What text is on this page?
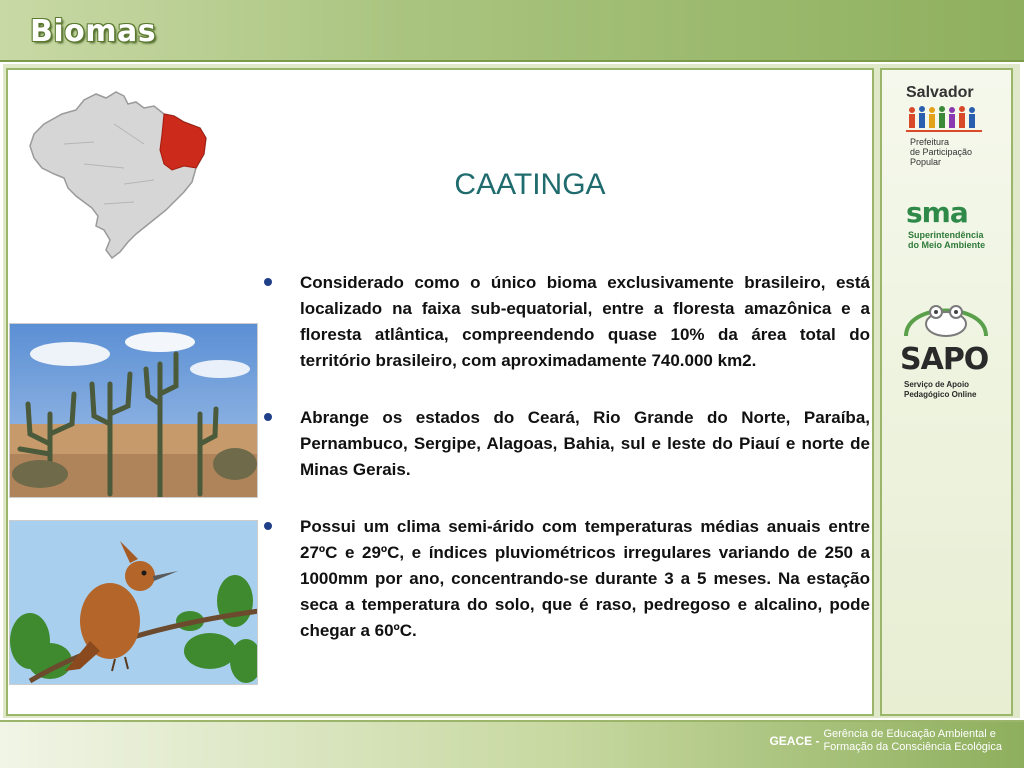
Biomas
CAATINGA
Considerado como o único bioma exclusivamente brasileiro, está localizado na faixa sub-equatorial, entre a floresta amazônica e a floresta atlântica, compreendendo quase 10% da área total do território brasileiro, com aproximadamente 740.000 km2.
Abrange os estados do Ceará, Rio Grande do Norte, Paraíba, Pernambuco, Sergipe, Alagoas, Bahia, sul e leste do Piauí e norte de Minas Gerais.
Possui um clima semi-árido com temperaturas médias anuais entre 27ºC e 29ºC, e índices pluviométricos irregulares variando de 250 a 1000mm por ano, concentrando-se durante 3 a 5 meses. Na estação seca a temperatura do solo, que é raso, pedregoso e alcalino, pode chegar a 60ºC.
Salvador
Prefeitura
de Participação
Popular
sma
Superintendência
do Meio Ambiente
SAPO
Serviço de Apoio
Pedagógico Online
GEACE - Gerência de Educação Ambiental e
Formação da Consciência Ecológica
